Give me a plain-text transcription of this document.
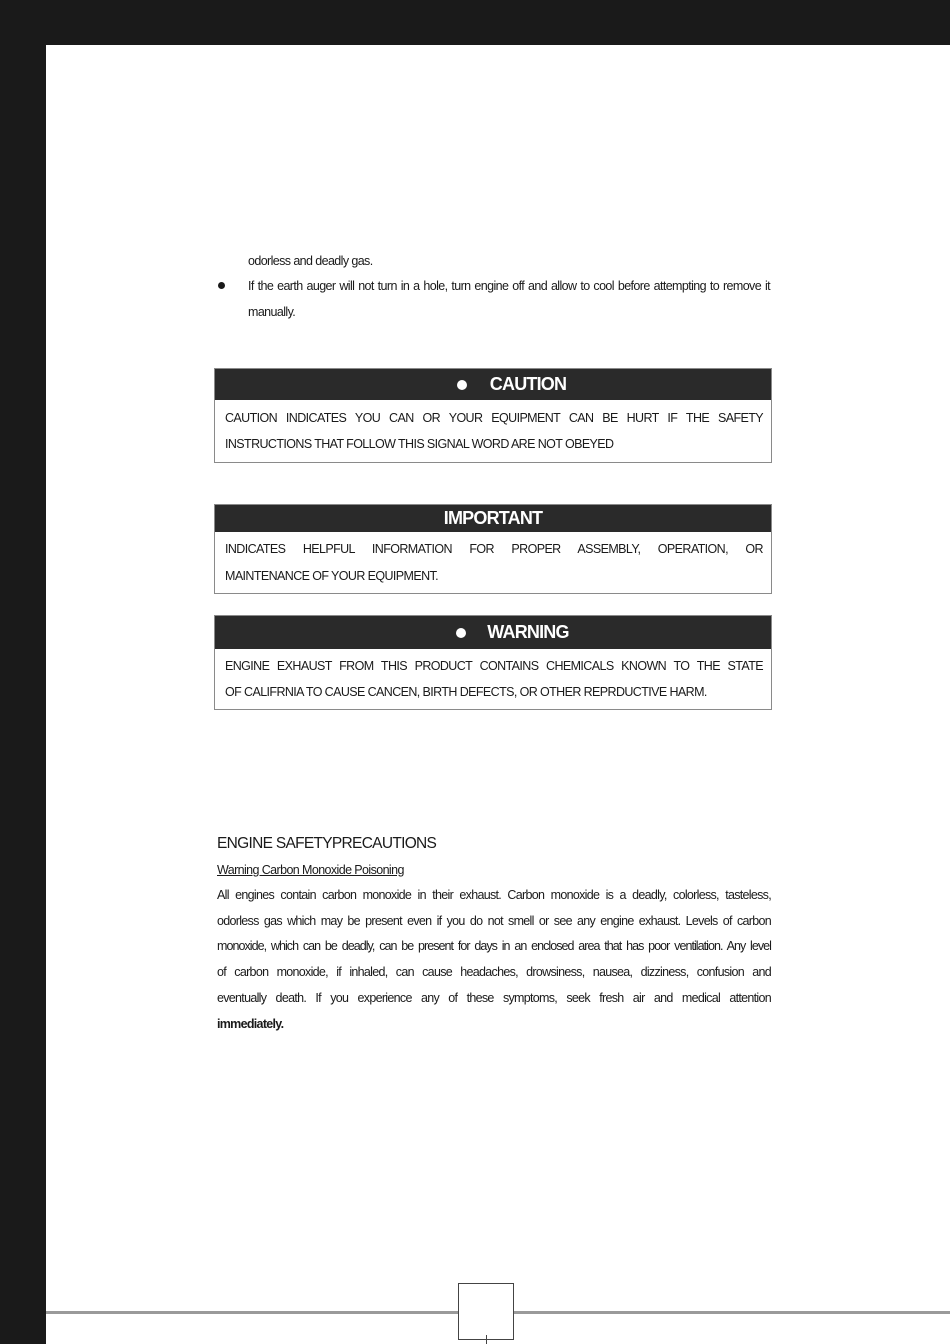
odorless and deadly gas.
If the earth auger will not turn in a hole, turn engine off and allow to cool before attempting to remove it
manually.
CAUTION
CAUTION INDICATES YOU CAN OR YOUR EQUIPMENT CAN BE HURT IF THE SAFETY
INSTRUCTIONS THAT FOLLOW THIS SIGNAL WORD ARE NOT OBEYED
IMPORTANT
INDICATES HELPFUL INFORMATION FOR PROPER ASSEMBLY, OPERATION, OR
MAINTENANCE OF YOUR EQUIPMENT.
WARNING
ENGINE EXHAUST FROM THIS PRODUCT CONTAINS CHEMICALS KNOWN TO THE STATE
OF CALIFRNIA TO CAUSE CANCEN, BIRTH DEFECTS, OR OTHER REPRDUCTIVE HARM.
ENGINE SAFETYPRECAUTIONS
Warning Carbon Monoxide Poisoning
All engines contain carbon monoxide in their exhaust. Carbon monoxide is a deadly, colorless, tasteless,
odorless gas which may be present even if you do not smell or see any engine exhaust. Levels of carbon
monoxide, which can be deadly, can be present for days in an enclosed area that has poor ventilation. Any level
of carbon monoxide, if inhaled, can cause headaches, drowsiness, nausea, dizziness, confusion and
eventually death. If you experience any of these symptoms, seek fresh air and medical attention
immediately.
